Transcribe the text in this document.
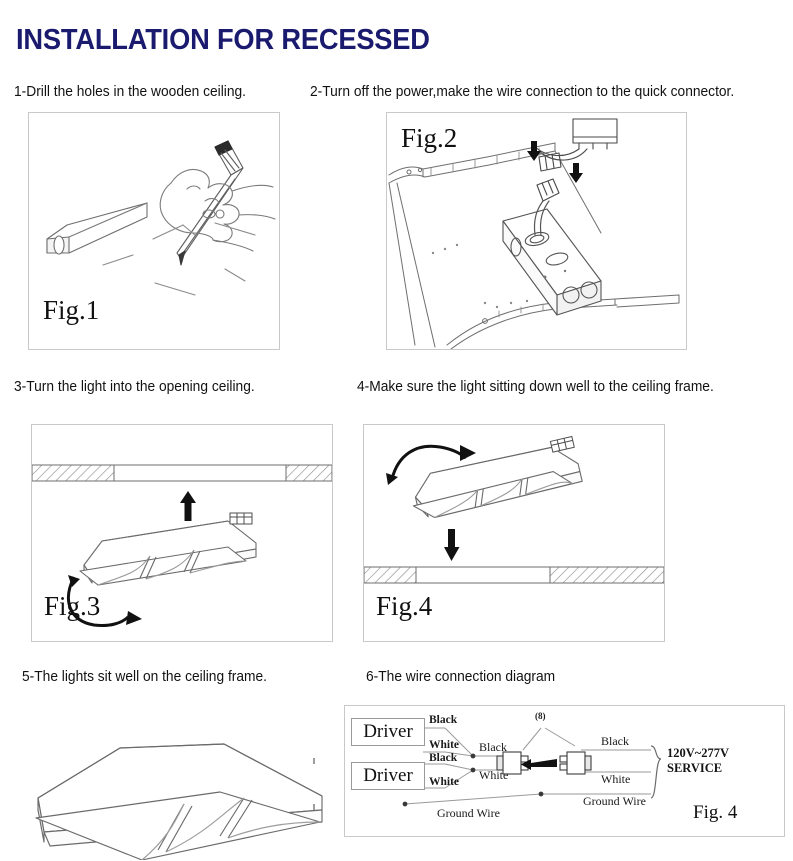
INSTALLATION FOR RECESSED
1-Drill the holes in the wooden ceiling.	2-Turn off the power,make the wire connection to the quick connector.
Fig.1
Fig.2
3-Turn the light into the opening ceiling.	4-Make sure the light sitting down well to the ceiling frame.
Fig.3	Fig.4
5-The lights sit well on the ceiling frame.	6-The wire connection diagram
Driver
Driver
Black
White
Black
White
Black
White
Ground Wire
Ground Wire
(8)
Black
White
120V~277V
SERVICE
Fig. 4
